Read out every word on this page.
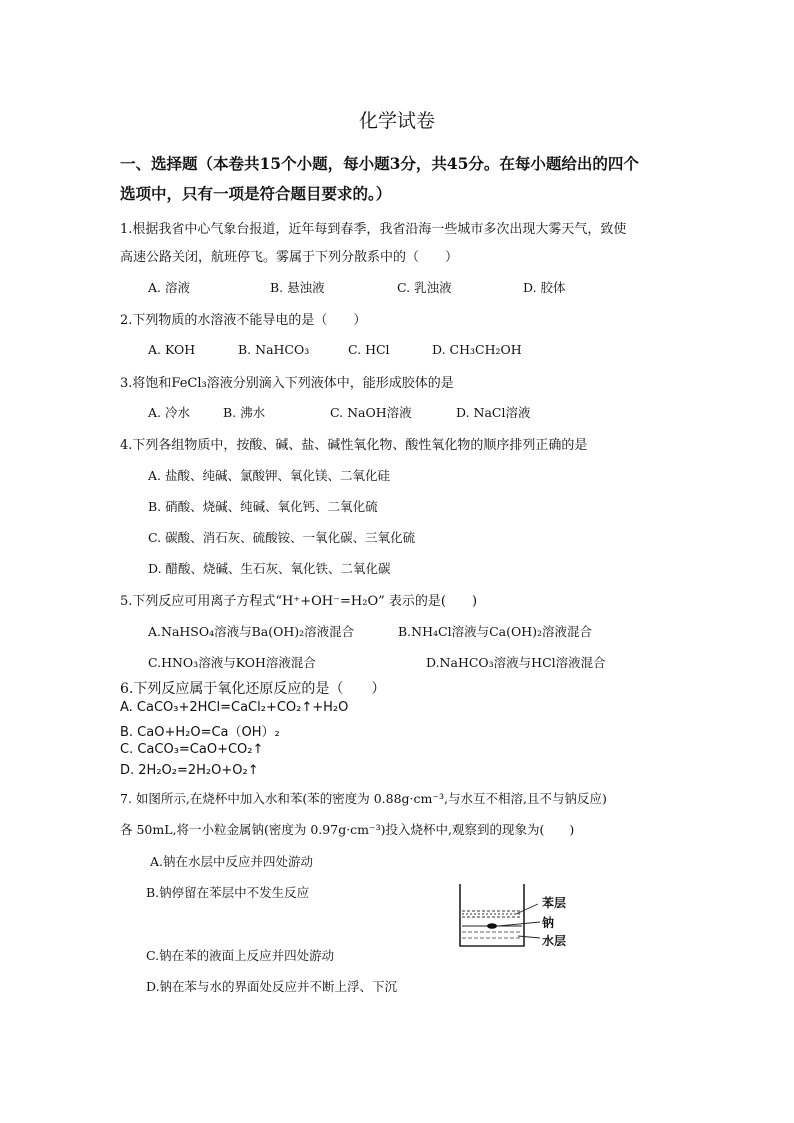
化学试卷
一、选择题（本卷共15个小题，每小题3分，共45分。在每小题给出的四个
选项中，只有一项是符合题目要求的。）
1.根据我省中心气象台报道，近年每到春季，我省沿海一些城市多次出现大雾天气，致使
高速公路关闭，航班停飞。雾属于下列分散系中的（　　）
A. 溶液	B. 悬浊液	C. 乳浊液	D. 胶体
2.下列物质的水溶液不能导电的是（　　）
A. KOH	B. NaHCO₃	C. HCl	D. CH₃CH₂OH
3.将饱和FeCl₃溶液分别滴入下列液体中，能形成胶体的是
A. 冷水	B. 沸水	C. NaOH溶液	D. NaCl溶液
4.下列各组物质中，按酸、碱、盐、碱性氧化物、酸性氧化物的顺序排列正确的是
A. 盐酸、纯碱、氯酸钾、氧化镁、二氧化硅
B. 硝酸、烧碱、纯碱、氧化钙、二氧化硫
C. 碳酸、消石灰、硫酸铵、一氧化碳、三氧化硫
D. 醋酸、烧碱、生石灰、氧化铁、二氧化碳
5.下列反应可用离子方程式“H⁺+OH⁻=H₂O” 表示的是(　　)
A.NaHSO₄溶液与Ba(OH)₂溶液混合	B.NH₄Cl溶液与Ca(OH)₂溶液混合
C.HNO₃溶液与KOH溶液混合	D.NaHCO₃溶液与HCl溶液混合
6.下列反应属于氧化还原反应的是（　　）
A. CaCO₃+2HCl=CaCl₂+CO₂↑+H₂O
B. CaO+H₂O=Ca（OH）₂
C. CaCO₃=CaO+CO₂↑
D. 2H₂O₂=2H₂O+O₂↑
7. 如图所示,在烧杯中加入水和苯(苯的密度为 0.88g·cm⁻³,与水互不相溶,且不与钠反应)
各 50mL,将一小粒金属钠(密度为 0.97g·cm⁻³)投入烧杯中,观察到的现象为(　　)
A.钠在水层中反应并四处游动
B.钠停留在苯层中不发生反应
C.钠在苯的液面上反应并四处游动
D.钠在苯与水的界面处反应并不断上浮、下沉
苯层
钠
水层
